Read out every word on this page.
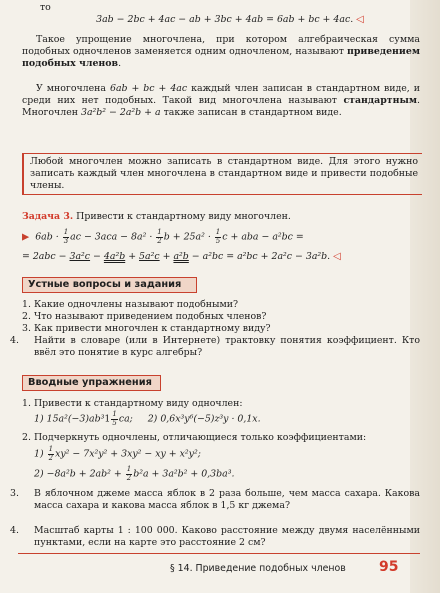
то
3ab − 2bc + 4ac − ab + 3bc + 4ab = 6ab + bc + 4ac. ◁
Такое упрощение многочлена, при котором алгебраическая сумма подобных одночленов заменяется одним одночленом, называют приведением подобных членов.
У многочлена 6ab + bc + 4ac каждый член записан в стандартном виде, и среди них нет подобных. Такой вид многочлена называют стандартным. Многочлен 3a²b² − 2a²b + a также записан в стандартном виде.
Любой многочлен можно записать в стандартном виде. Для этого нужно записать каждый член многочлена в стандартном виде и привести подобные члены.
Задача 3. Привести к стандартному виду многочлен.
▶ $6ab \cdot \frac{1}{3}$ ac − $3aca - 8a^2 \cdot \frac{1}{2}$ $b + 25a^2 \cdot \frac{1}{5}$ c + aba − a²bc =
= 2abc − 3a²c − 4a²b + 5a²c + a²b − a²bc = a²bc + 2a²c − 3a²b. ◁
Устные вопросы и задания
1. Какие одночлены называют подобными?
2. Что называют приведением подобных членов?
3. Как привести многочлен к стандартному виду?
4. Найти в словаре (или в Интернете) трактовку понятия коэффициент. Кто ввёл это понятие в курс алгебры?
Вводные упражнения
1. Привести к стандартному виду одночлен:
1) $15a^2(-3)ab^31 \frac{1}{5}$ ca; 2) 0,6x³y⁶(−5)z³y · 0,1x.
2. Подчеркнуть одночлены, отличающиеся только коэффициентами:
$1) \frac{1}{2} xy^2 - 7x^2y^2 + 3xy^2$ − xy + x²y²;
$2) -8a^2b + 2ab^2 + \frac{1}{2} b^2a + 3a^2b^2 + 0,3ba^3$.
3. В яблочном джеме масса яблок в 2 раза больше, чем масса сахара. Какова масса сахара и какова масса яблок в 1,5 кг джема?
4. Масштаб карты 1 : 100 000. Каково расстояние между двумя населёнными пунктами, если на карте это расстояние 2 см?
§ 14. Приведение подобных членов 95
